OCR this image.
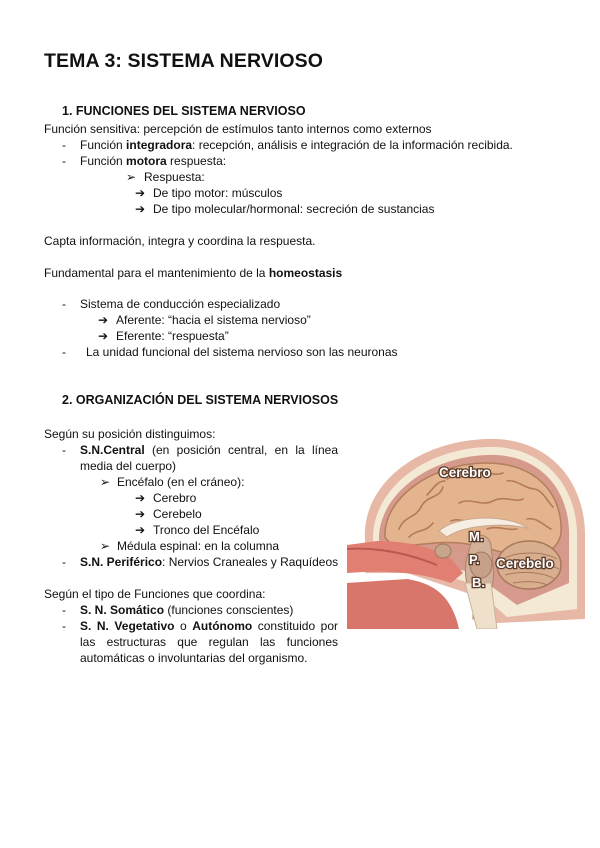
TEMA 3: SISTEMA NERVIOSO
1. FUNCIONES DEL SISTEMA NERVIOSO
Función sensitiva: percepción de estímulos tanto internos como externos
- Función integradora: recepción, análisis e integración de la información recibida.
- Función motora respuesta:
➢ Respuesta:
➔ De tipo motor: músculos
➔ De tipo molecular/hormonal: secreción de sustancias
Capta información, integra y coordina la respuesta.
Fundamental para el mantenimiento de la homeostasis
- Sistema de conducción especializado
➔ Aferente: “hacia el sistema nervioso”
➔ Eferente: “respuesta”
- La unidad funcional del sistema nervioso son las neuronas
2. ORGANIZACIÓN DEL SISTEMA NERVIOSOS
Según su posición distinguimos:
- S.N.Central (en posición central, en la línea media del cuerpo)
➢ Encéfalo (en el cráneo):
➔ Cerebro
➔ Cerebelo
➔ Tronco del Encéfalo
➢ Médula espinal: en la columna
- S.N. Periférico: Nervios Craneales y Raquídeos
Según el tipo de Funciones que coordina:
- S. N. Somático (funciones conscientes)
- S. N. Vegetativo o Autónomo constituido por las estructuras que regulan las funciones automáticas o involuntarias del organismo.
Cerebro
M.
P.
B.
Cerebelo
